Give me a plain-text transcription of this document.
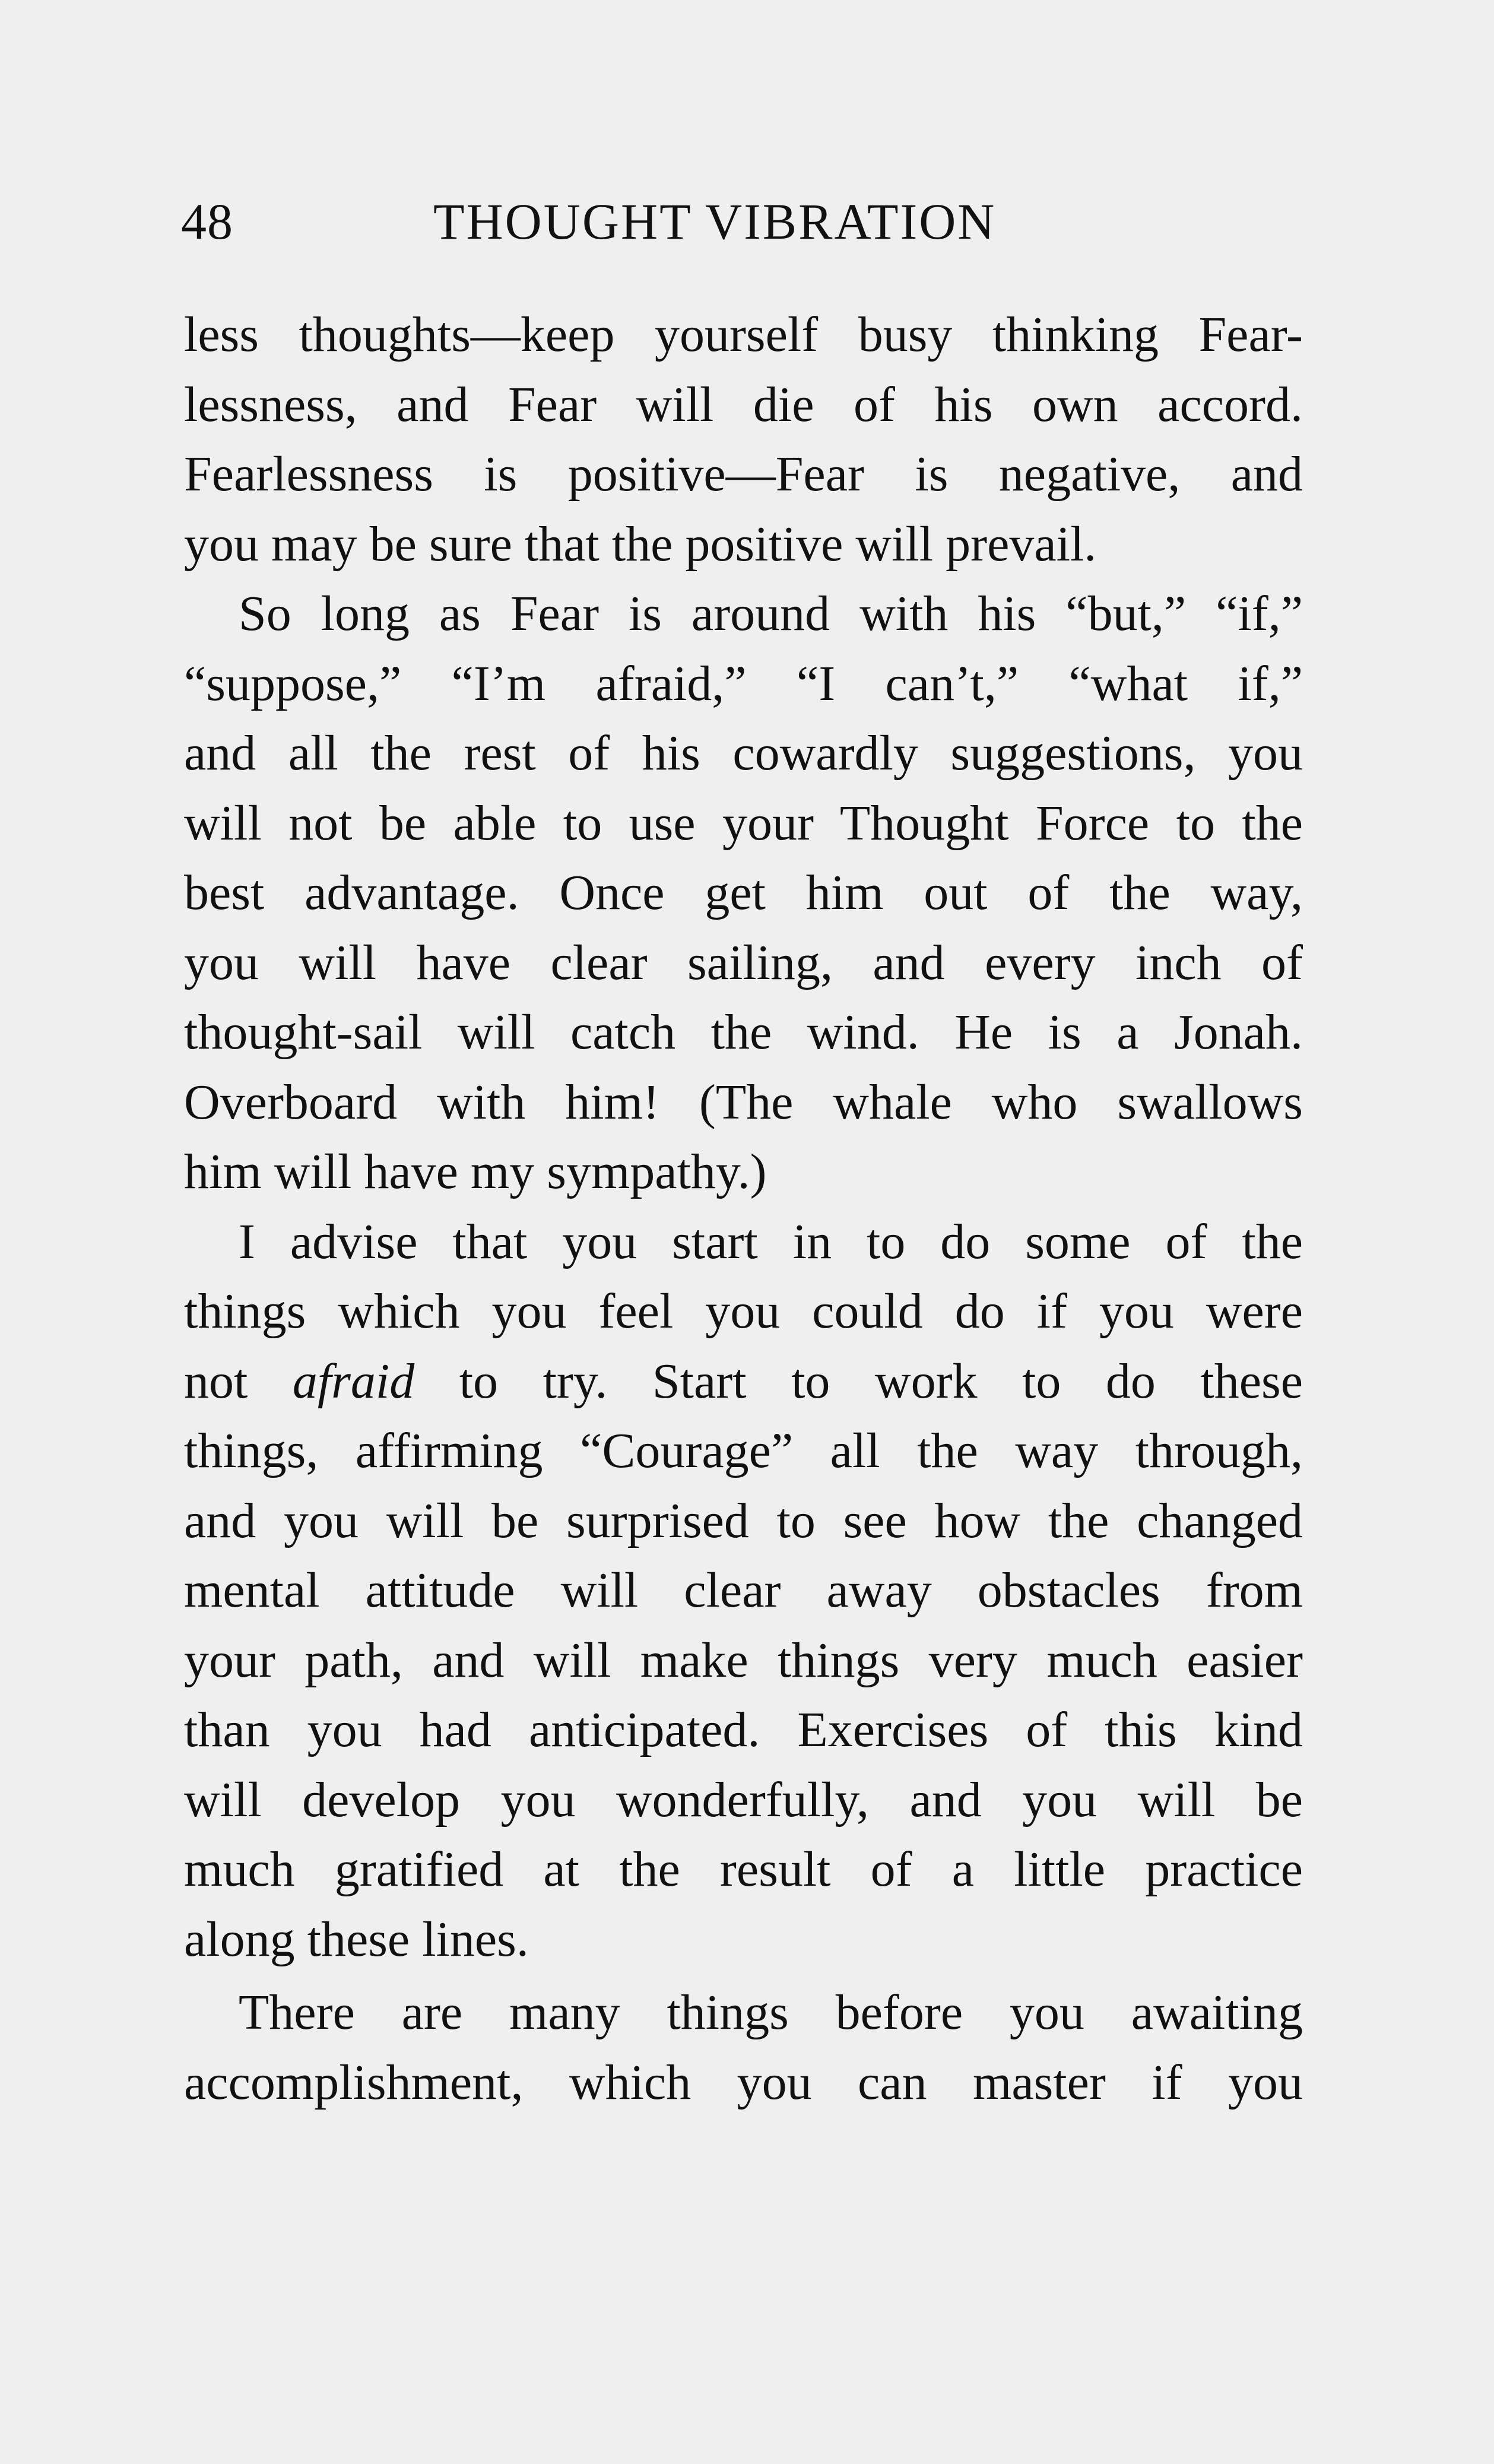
48	THOUGHT VIBRATION
less thoughts—keep yourself busy thinking Fear-
lessness, and Fear will die of his own accord.
Fearlessness is positive—Fear is negative, and
you may be sure that the positive will prevail.
So long as Fear is around with his “but,” “if,”
“suppose,” “I’m afraid,” “I can’t,” “what if,”
and all the rest of his cowardly suggestions, you
will not be able to use your Thought Force to the
best advantage. Once get him out of the way,
you will have clear sailing, and every inch of
thought-sail will catch the wind. He is a Jonah.
Overboard with him! (The whale who swallows
him will have my sympathy.)
I advise that you start in to do some of the
things which you feel you could do if you were
not afraid to try. Start to work to do these
things, affirming “Courage” all the way through,
and you will be surprised to see how the changed
mental attitude will clear away obstacles from
your path, and will make things very much easier
than you had anticipated. Exercises of this kind
will develop you wonderfully, and you will be
much gratified at the result of a little practice
along these lines.
There are many things before you awaiting
accomplishment, which you can master if you
